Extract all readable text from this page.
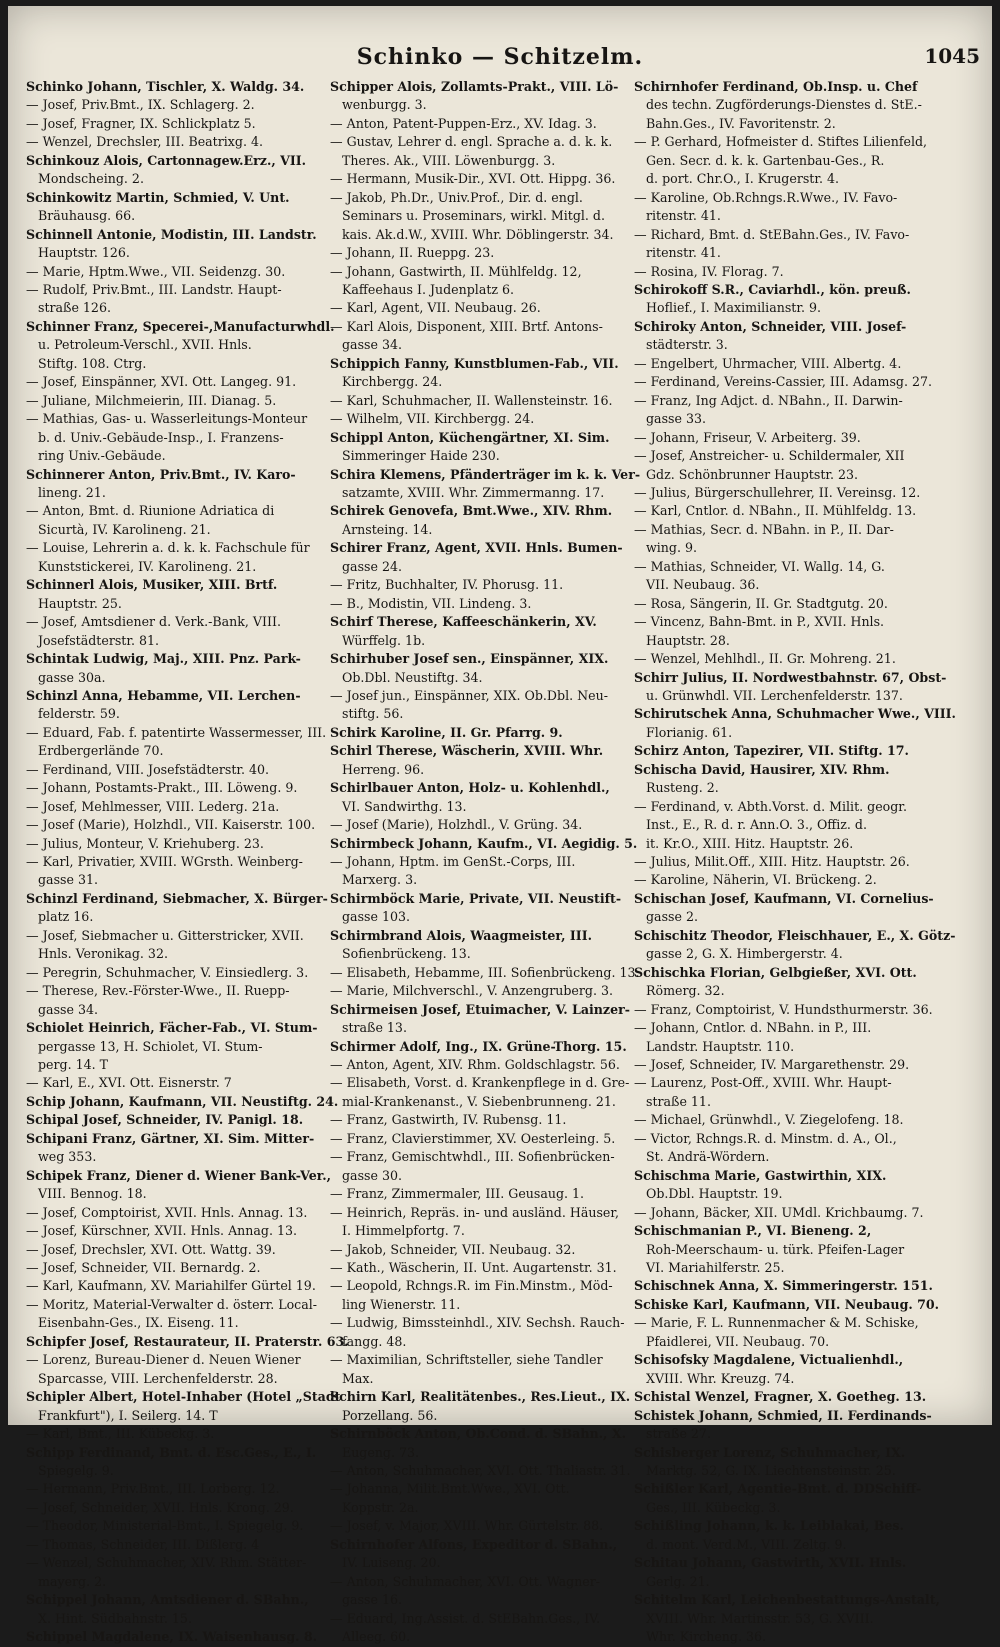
Schinko — Schitzelm.	1045
Schinko Johann, Tischler, X. Waldg. 34.
— Josef, Priv.Bmt., IX. Schlagerg. 2.
— Josef, Fragner, IX. Schlickplatz 5.
— Wenzel, Drechsler, III. Beatrixg. 4.
Schinkouz Alois, Cartonnagew.Erz., VII.
Mondscheing. 2.
Schinkowitz Martin, Schmied, V. Unt.
Bräuhausg. 66.
Schinnell Antonie, Modistin, III. Landstr.
Hauptstr. 126.
— Marie, Hptm.Wwe., VII. Seidenzg. 30.
— Rudolf, Priv.Bmt., III. Landstr. Haupt-
straße 126.
Schinner Franz, Specerei-,Manufacturwhdl.
u. Petroleum-Verschl., XVII. Hnls.
Stiftg. 108. Ctrg.
— Josef, Einspänner, XVI. Ott. Langeg. 91.
— Juliane, Milchmeierin, III. Dianag. 5.
— Mathias, Gas- u. Wasserleitungs-Monteur
b. d. Univ.-Gebäude-Insp., I. Franzens-
ring Univ.-Gebäude.
Schinnerer Anton, Priv.Bmt., IV. Karo-
lineng. 21.
— Anton, Bmt. d. Riunione Adriatica di
Sicurtà, IV. Karolineng. 21.
— Louise, Lehrerin a. d. k. k. Fachschule für
Kunststickerei, IV. Karolineng. 21.
Schinnerl Alois, Musiker, XIII. Brtf.
Hauptstr. 25.
— Josef, Amtsdiener d. Verk.-Bank, VIII.
Josefstädterstr. 81.
Schintak Ludwig, Maj., XIII. Pnz. Park-
gasse 30a.
Schinzl Anna, Hebamme, VII. Lerchen-
felderstr. 59.
— Eduard, Fab. f. patentirte Wassermesser, III.
Erdbergerlände 70.
— Ferdinand, VIII. Josefstädterstr. 40.
— Johann, Postamts-Prakt., III. Löweng. 9.
— Josef, Mehlmesser, VIII. Lederg. 21a.
— Josef (Marie), Holzhdl., VII. Kaiserstr. 100.
— Julius, Monteur, V. Kriehuberg. 23.
— Karl, Privatier, XVIII. WGrsth. Weinberg-
gasse 31.
Schinzl Ferdinand, Siebmacher, X. Bürger-
platz 16.
— Josef, Siebmacher u. Gitterstricker, XVII.
Hnls. Veronikag. 32.
— Peregrin, Schuhmacher, V. Einsiedlerg. 3.
— Therese, Rev.-Förster-Wwe., II. Ruepp-
gasse 34.
Schiolet Heinrich, Fächer-Fab., VI. Stum-
pergasse 13, H. Schiolet, VI. Stum-
perg. 14. T
— Karl, E., XVI. Ott. Eisnerstr. 7
Schip Johann, Kaufmann, VII. Neustiftg. 24.
Schipal Josef, Schneider, IV. Panigl. 18.
Schipani Franz, Gärtner, XI. Sim. Mitter-
weg 353.
Schipek Franz, Diener d. Wiener Bank-Ver.,
VIII. Bennog. 18.
— Josef, Comptoirist, XVII. Hnls. Annag. 13.
— Josef, Kürschner, XVII. Hnls. Annag. 13.
— Josef, Drechsler, XVI. Ott. Wattg. 39.
— Josef, Schneider, VII. Bernardg. 2.
— Karl, Kaufmann, XV. Mariahilfer Gürtel 19.
— Moritz, Material-Verwalter d. österr. Local-
Eisenbahn-Ges., IX. Eiseng. 11.
Schipfer Josef, Restaurateur, II. Praterstr. 63.
— Lorenz, Bureau-Diener d. Neuen Wiener
Sparcasse, VIII. Lerchenfelderstr. 28.
Schipler Albert, Hotel-Inhaber (Hotel „Stadt
Frankfurt"), I. Seilerg. 14. T
— Karl, Bmt., III. Kübeckg. 3.
Schipp Ferdinand, Bmt. d. Esc.Ges., E., I.
Spiegelg. 9.
— Hermann, Priv.Bmt., III. Lorberg. 12.
— Josef, Schneider, XVII. Hnls. Krong. 29.
— Theodor, Ministerial-Bmt., I. Spiegelg. 9.
— Thomas, Schneider, III. Dißlerg. 4
— Wenzel, Schuhmacher, XIV. Rhm. Stätter-
mayerg. 2.
Schippel Johann, Amtsdiener d. SBahn.,
X. Hint. Südbahnstr. 15.
Schippel Magdalene, IX. Waisenhausg. 8.
Schipper Alois, Zollamts-Prakt., VIII. Lö-
wenburgg. 3.
— Anton, Patent-Puppen-Erz., XV. Idag. 3.
— Gustav, Lehrer d. engl. Sprache a. d. k. k.
Theres. Ak., VIII. Löwenburgg. 3.
— Hermann, Musik-Dir., XVI. Ott. Hippg. 36.
— Jakob, Ph.Dr., Univ.Prof., Dir. d. engl.
Seminars u. Proseminars, wirkl. Mitgl. d.
kais. Ak.d.W., XVIII. Whr. Döblingerstr. 34.
— Johann, II. Rueppg. 23.
— Johann, Gastwirth, II. Mühlfeldg. 12,
Kaffeehaus I. Judenplatz 6.
— Karl, Agent, VII. Neubaug. 26.
— Karl Alois, Disponent, XIII. Brtf. Antons-
gasse 34.
Schippich Fanny, Kunstblumen-Fab., VII.
Kirchbergg. 24.
— Karl, Schuhmacher, II. Wallensteinstr. 16.
— Wilhelm, VII. Kirchbergg. 24.
Schippl Anton, Küchengärtner, XI. Sim.
Simmeringer Haide 230.
Schira Klemens, Pfänderträger im k. k. Ver-
satzamte, XVIII. Whr. Zimmermanng. 17.
Schirek Genovefa, Bmt.Wwe., XIV. Rhm.
Arnsteing. 14.
Schirer Franz, Agent, XVII. Hnls. Bumen-
gasse 24.
— Fritz, Buchhalter, IV. Phorusg. 11.
— B., Modistin, VII. Lindeng. 3.
Schirf Therese, Kaffeeschänkerin, XV.
Würffelg. 1b.
Schirhuber Josef sen., Einspänner, XIX.
Ob.Dbl. Neustiftg. 34.
— Josef jun., Einspänner, XIX. Ob.Dbl. Neu-
stiftg. 56.
Schirk Karoline, II. Gr. Pfarrg. 9.
Schirl Therese, Wäscherin, XVIII. Whr.
Herreng. 96.
Schirlbauer Anton, Holz- u. Kohlenhdl.,
VI. Sandwirthg. 13.
— Josef (Marie), Holzhdl., V. Grüng. 34.
Schirmbeck Johann, Kaufm., VI. Aegidig. 5.
— Johann, Hptm. im GenSt.-Corps, III.
Marxerg. 3.
Schirmböck Marie, Private, VII. Neustift-
gasse 103.
Schirmbrand Alois, Waagmeister, III.
Sofienbrückeng. 13.
— Elisabeth, Hebamme, III. Sofienbrückeng. 13.
— Marie, Milchverschl., V. Anzengruberg. 3.
Schirmeisen Josef, Etuimacher, V. Lainzer-
straße 13.
Schirmer Adolf, Ing., IX. Grüne-Thorg. 15.
— Anton, Agent, XIV. Rhm. Goldschlagstr. 56.
— Elisabeth, Vorst. d. Krankenpflege in d. Gre-
mial-Krankenanst., V. Siebenbrunneng. 21.
— Franz, Gastwirth, IV. Rubensg. 11.
— Franz, Clavierstimmer, XV. Oesterleing. 5.
— Franz, Gemischtwhdl., III. Sofienbrücken-
gasse 30.
— Franz, Zimmermaler, III. Geusaug. 1.
— Heinrich, Repräs. in- und ausländ. Häuser,
I. Himmelpfortg. 7.
— Jakob, Schneider, VII. Neubaug. 32.
— Kath., Wäscherin, II. Unt. Augartenstr. 31.
— Leopold, Rchngs.R. im Fin.Minstm., Möd-
ling Wienerstr. 11.
— Ludwig, Bimssteinhdl., XIV. Sechsh. Rauch-
fangg. 48.
— Maximilian, Schriftsteller, siehe Tandler
Max.
Schirn Karl, Realitätenbes., Res.Lieut., IX.
Porzellang. 56.
Schirnböck Anton, Ob.Cond. d. SBahn., X.
Eugeng. 73.
— Anton, Schuhmacher, XVI. Ott. Thaliastr. 31.
— Johanna, Milit.Bmt.Wwe., XVI. Ott.
Koppstr. 2a.
— Josef, v. Major, XVIII. Whr. Gürtelstr. 88.
Schirnhofer Alfons, Expeditor d. SBahn.,
IV. Luiseng. 20.
— Anton, Schuhmacher, XVI. Ott. Wagner-
gasse 16.
— Eduard, Ing.Assist. d. StEBahn.Ges., IV.
Alleeg. 60.
Schirnhofer Ferdinand, Ob.Insp. u. Chef
des techn. Zugförderungs-Dienstes d. StE.-
Bahn.Ges., IV. Favoritenstr. 2.
— P. Gerhard, Hofmeister d. Stiftes Lilienfeld,
Gen. Secr. d. k. k. Gartenbau-Ges., R.
d. port. Chr.O., I. Krugerstr. 4.
— Karoline, Ob.Rchngs.R.Wwe., IV. Favo-
ritenstr. 41.
— Richard, Bmt. d. StEBahn.Ges., IV. Favo-
ritenstr. 41.
— Rosina, IV. Florag. 7.
Schirokoff S.R., Caviarhdl., kön. preuß.
Hoflief., I. Maximilianstr. 9.
Schiroky Anton, Schneider, VIII. Josef-
städterstr. 3.
— Engelbert, Uhrmacher, VIII. Albertg. 4.
— Ferdinand, Vereins-Cassier, III. Adamsg. 27.
— Franz, Ing Adjct. d. NBahn., II. Darwin-
gasse 33.
— Johann, Friseur, V. Arbeiterg. 39.
— Josef, Anstreicher- u. Schildermaler, XII
Gdz. Schönbrunner Hauptstr. 23.
— Julius, Bürgerschullehrer, II. Vereinsg. 12.
— Karl, Cntlor. d. NBahn., II. Mühlfeldg. 13.
— Mathias, Secr. d. NBahn. in P., II. Dar-
wing. 9.
— Mathias, Schneider, VI. Wallg. 14, G.
VII. Neubaug. 36.
— Rosa, Sängerin, II. Gr. Stadtgutg. 20.
— Vincenz, Bahn-Bmt. in P., XVII. Hnls.
Hauptstr. 28.
— Wenzel, Mehlhdl., II. Gr. Mohreng. 21.
Schirr Julius, II. Nordwestbahnstr. 67, Obst-
u. Grünwhdl. VII. Lerchenfelderstr. 137.
Schirutschek Anna, Schuhmacher Wwe., VIII.
Florianig. 61.
Schirz Anton, Tapezirer, VII. Stiftg. 17.
Schischa David, Hausirer, XIV. Rhm.
Rusteng. 2.
— Ferdinand, v. Abth.Vorst. d. Milit. geogr.
Inst., E., R. d. r. Ann.O. 3., Offiz. d.
it. Kr.O., XIII. Hitz. Hauptstr. 26.
— Julius, Milit.Off., XIII. Hitz. Hauptstr. 26.
— Karoline, Näherin, VI. Brückeng. 2.
Schischan Josef, Kaufmann, VI. Cornelius-
gasse 2.
Schischitz Theodor, Fleischhauer, E., X. Götz-
gasse 2, G. X. Himbergerstr. 4.
Schischka Florian, Gelbgießer, XVI. Ott.
Römerg. 32.
— Franz, Comptoirist, V. Hundsthurmerstr. 36.
— Johann, Cntlor. d. NBahn. in P., III.
Landstr. Hauptstr. 110.
— Josef, Schneider, IV. Margarethenstr. 29.
— Laurenz, Post-Off., XVIII. Whr. Haupt-
straße 11.
— Michael, Grünwhdl., V. Ziegelofeng. 18.
— Victor, Rchngs.R. d. Minstm. d. A., Ol.,
St. Andrä-Wördern.
Schischma Marie, Gastwirthin, XIX.
Ob.Dbl. Hauptstr. 19.
— Johann, Bäcker, XII. UMdl. Krichbaumg. 7.
Schischmanian P., VI. Bieneng. 2,
Roh-Meerschaum- u. türk. Pfeifen-Lager
VI. Mariahilferstr. 25.
Schischnek Anna, X. Simmeringerstr. 151.
Schiske Karl, Kaufmann, VII. Neubaug. 70.
— Marie, F. L. Runnenmacher & M. Schiske,
Pfaidlerei, VII. Neubaug. 70.
Schisofsky Magdalene, Victualienhdl.,
XVIII. Whr. Kreuzg. 74.
Schistal Wenzel, Fragner, X. Goetheg. 13.
Schistek Johann, Schmied, II. Ferdinands-
straße 27.
Schisberger Lorenz, Schuhmacher, IX.
Marktg. 52, G. IX. Liechtensteinstr. 25.
Schißler Karl, Agentie-Bmt. d. DDSchiff-
Ges., III. Kübeckg. 3.
Schißling Johann, k. k. Leiblakai, Bes.
d. mont. Verd.M., VIII. Zeltg. 9.
Schitau Johann, Gastwirth, XVII. Hnls.
Gerlg. 21.
Schitelm Karl, Leichenbestattungs-Anstalt,
XVIII. Whr. Martinsstr. 53, G. XVIII.
Whr. Kircheng. 36.
